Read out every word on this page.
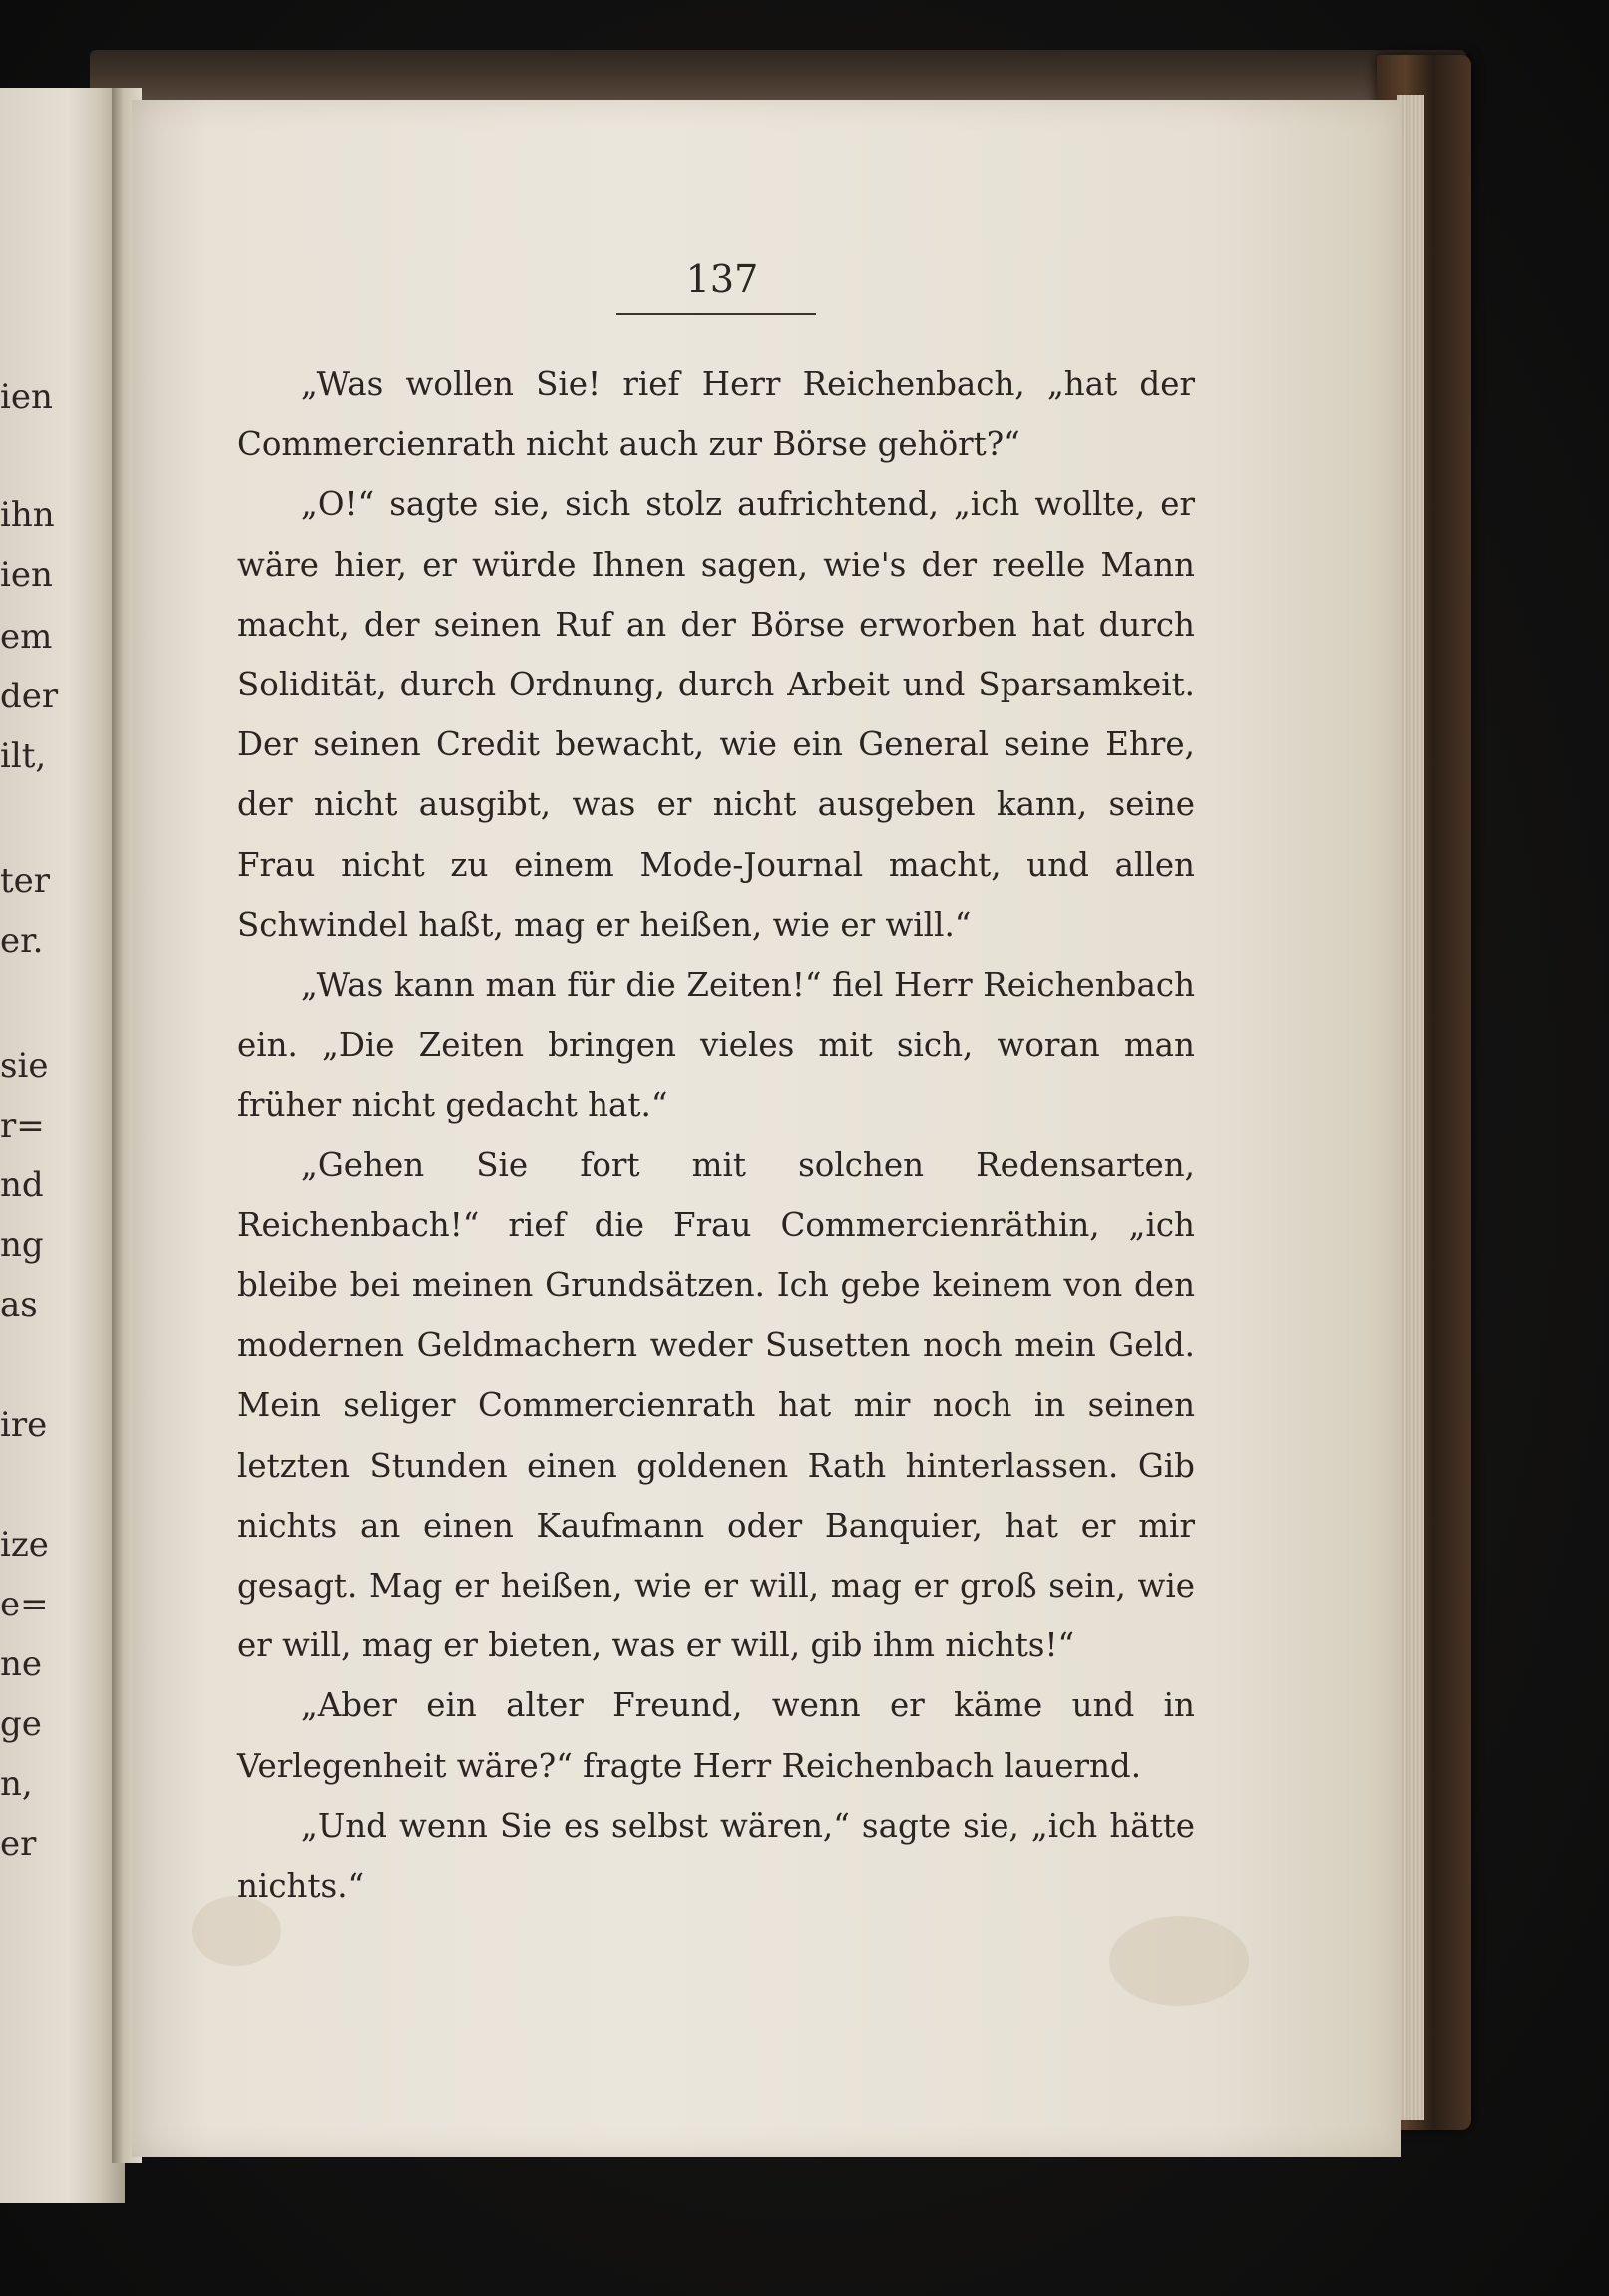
ien
ihn
ien
em
der
ilt,
ter
er.
sie
r=
nd
ng
as
ire
ize
e=
ne
ge
n,
er
137

„Was wollen Sie! rief Herr Reichenbach, „hat der Commercienrath nicht auch zur Börse gehört?“

„O!“ sagte sie, sich stolz aufrichtend, „ich wollte, er wäre hier, er würde Ihnen sagen, wie's der reelle Mann macht, der seinen Ruf an der Börse erworben hat durch Solidität, durch Ordnung, durch Arbeit und Sparsamkeit. Der seinen Credit bewacht, wie ein General seine Ehre, der nicht ausgibt, was er nicht ausgeben kann, seine Frau nicht zu einem Mode-Journal macht, und allen Schwindel haßt, mag er heißen, wie er will.“

„Was kann man für die Zeiten!“ fiel Herr Reichenbach ein. „Die Zeiten bringen vieles mit sich, woran man früher nicht gedacht hat.“

„Gehen Sie fort mit solchen Redensarten, Reichenbach!“ rief die Frau Commercienräthin, „ich bleibe bei meinen Grundsätzen. Ich gebe keinem von den modernen Geldmachern weder Susetten noch mein Geld. Mein seliger Commercienrath hat mir noch in seinen letzten Stunden einen goldenen Rath hinterlassen. Gib nichts an einen Kaufmann oder Banquier, hat er mir gesagt. Mag er heißen, wie er will, mag er groß sein, wie er will, mag er bieten, was er will, gib ihm nichts!“

„Aber ein alter Freund, wenn er käme und in Verlegenheit wäre?“ fragte Herr Reichenbach lauernd.

„Und wenn Sie es selbst wären,“ sagte sie, „ich hätte nichts.“
